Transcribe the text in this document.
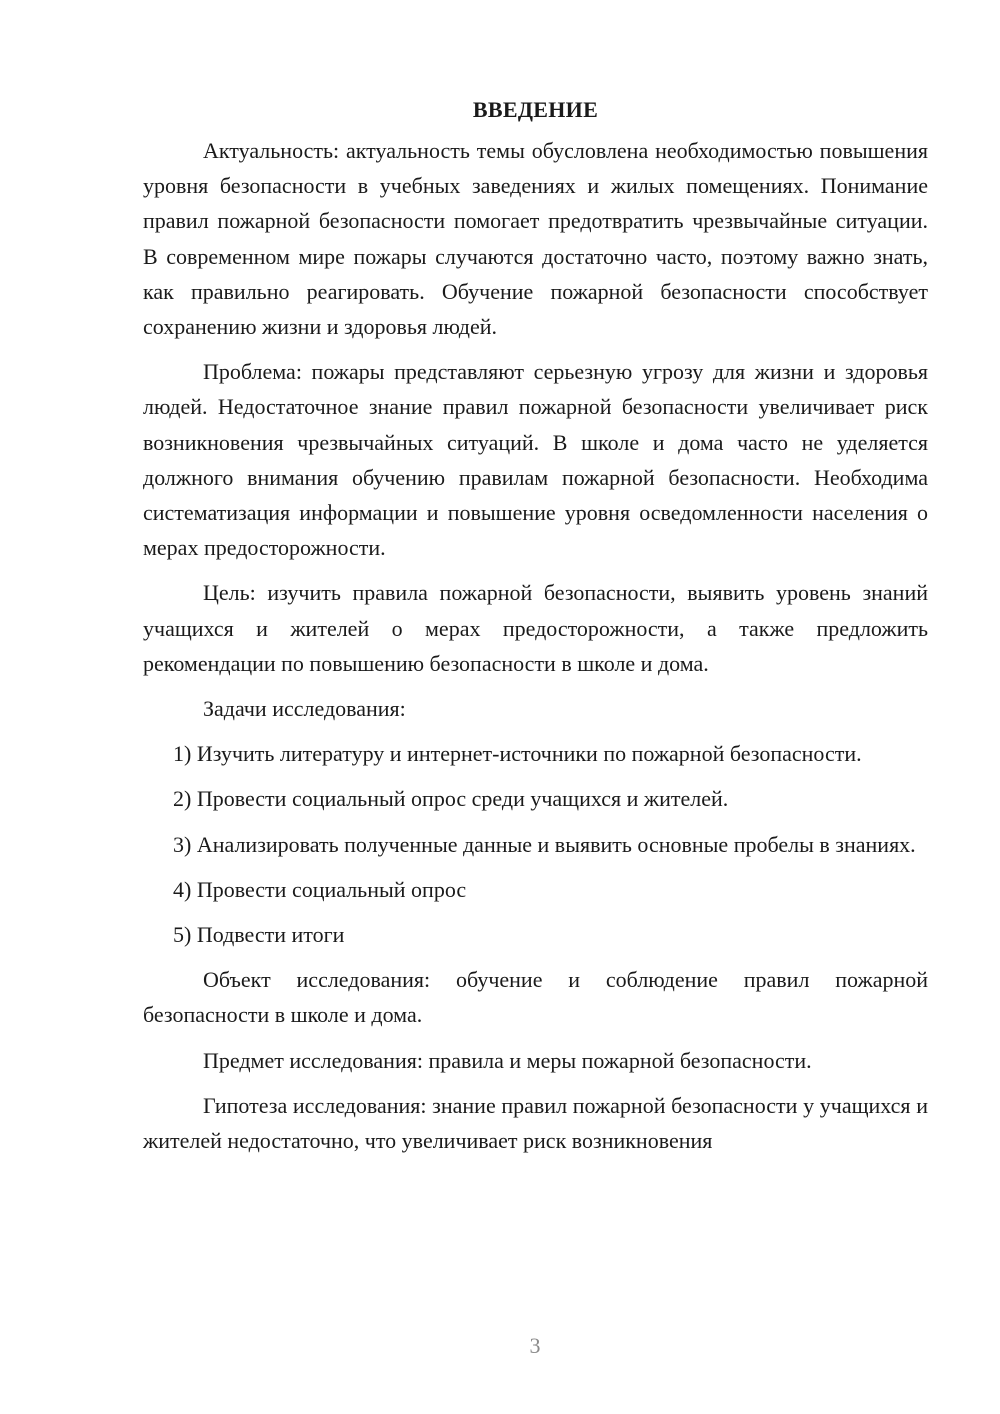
ВВЕДЕНИЕ

Актуальность: актуальность темы обусловлена необходимостью повышения уровня безопасности в учебных заведениях и жилых помещениях. Понимание правил пожарной безопасности помогает предотвратить чрезвычайные ситуации. В современном мире пожары случаются достаточно часто, поэтому важно знать, как правильно реагировать. Обучение пожарной безопасности способствует сохранению жизни и здоровья людей.

Проблема: пожары представляют серьезную угрозу для жизни и здоровья людей. Недостаточное знание правил пожарной безопасности увеличивает риск возникновения чрезвычайных ситуаций. В школе и дома часто не уделяется должного внимания обучению правилам пожарной безопасности. Необходима систематизация информации и повышение уровня осведомленности населения о мерах предосторожности.

Цель: изучить правила пожарной безопасности, выявить уровень знаний учащихся и жителей о мерах предосторожности, а также предложить рекомендации по повышению безопасности в школе и дома.

Задачи исследования:

1) Изучить литературу и интернет-источники по пожарной безопасности.

2) Провести социальный опрос среди учащихся и жителей.

3) Анализировать полученные данные и выявить основные пробелы в знаниях.

4) Провести социальный опрос

5) Подвести итоги

Объект исследования: обучение и соблюдение правил пожарной безопасности в школе и дома.

Предмет исследования: правила и меры пожарной безопасности.

Гипотеза исследования: знание правил пожарной безопасности у учащихся и жителей недостаточно, что увеличивает риск возникновения

3
